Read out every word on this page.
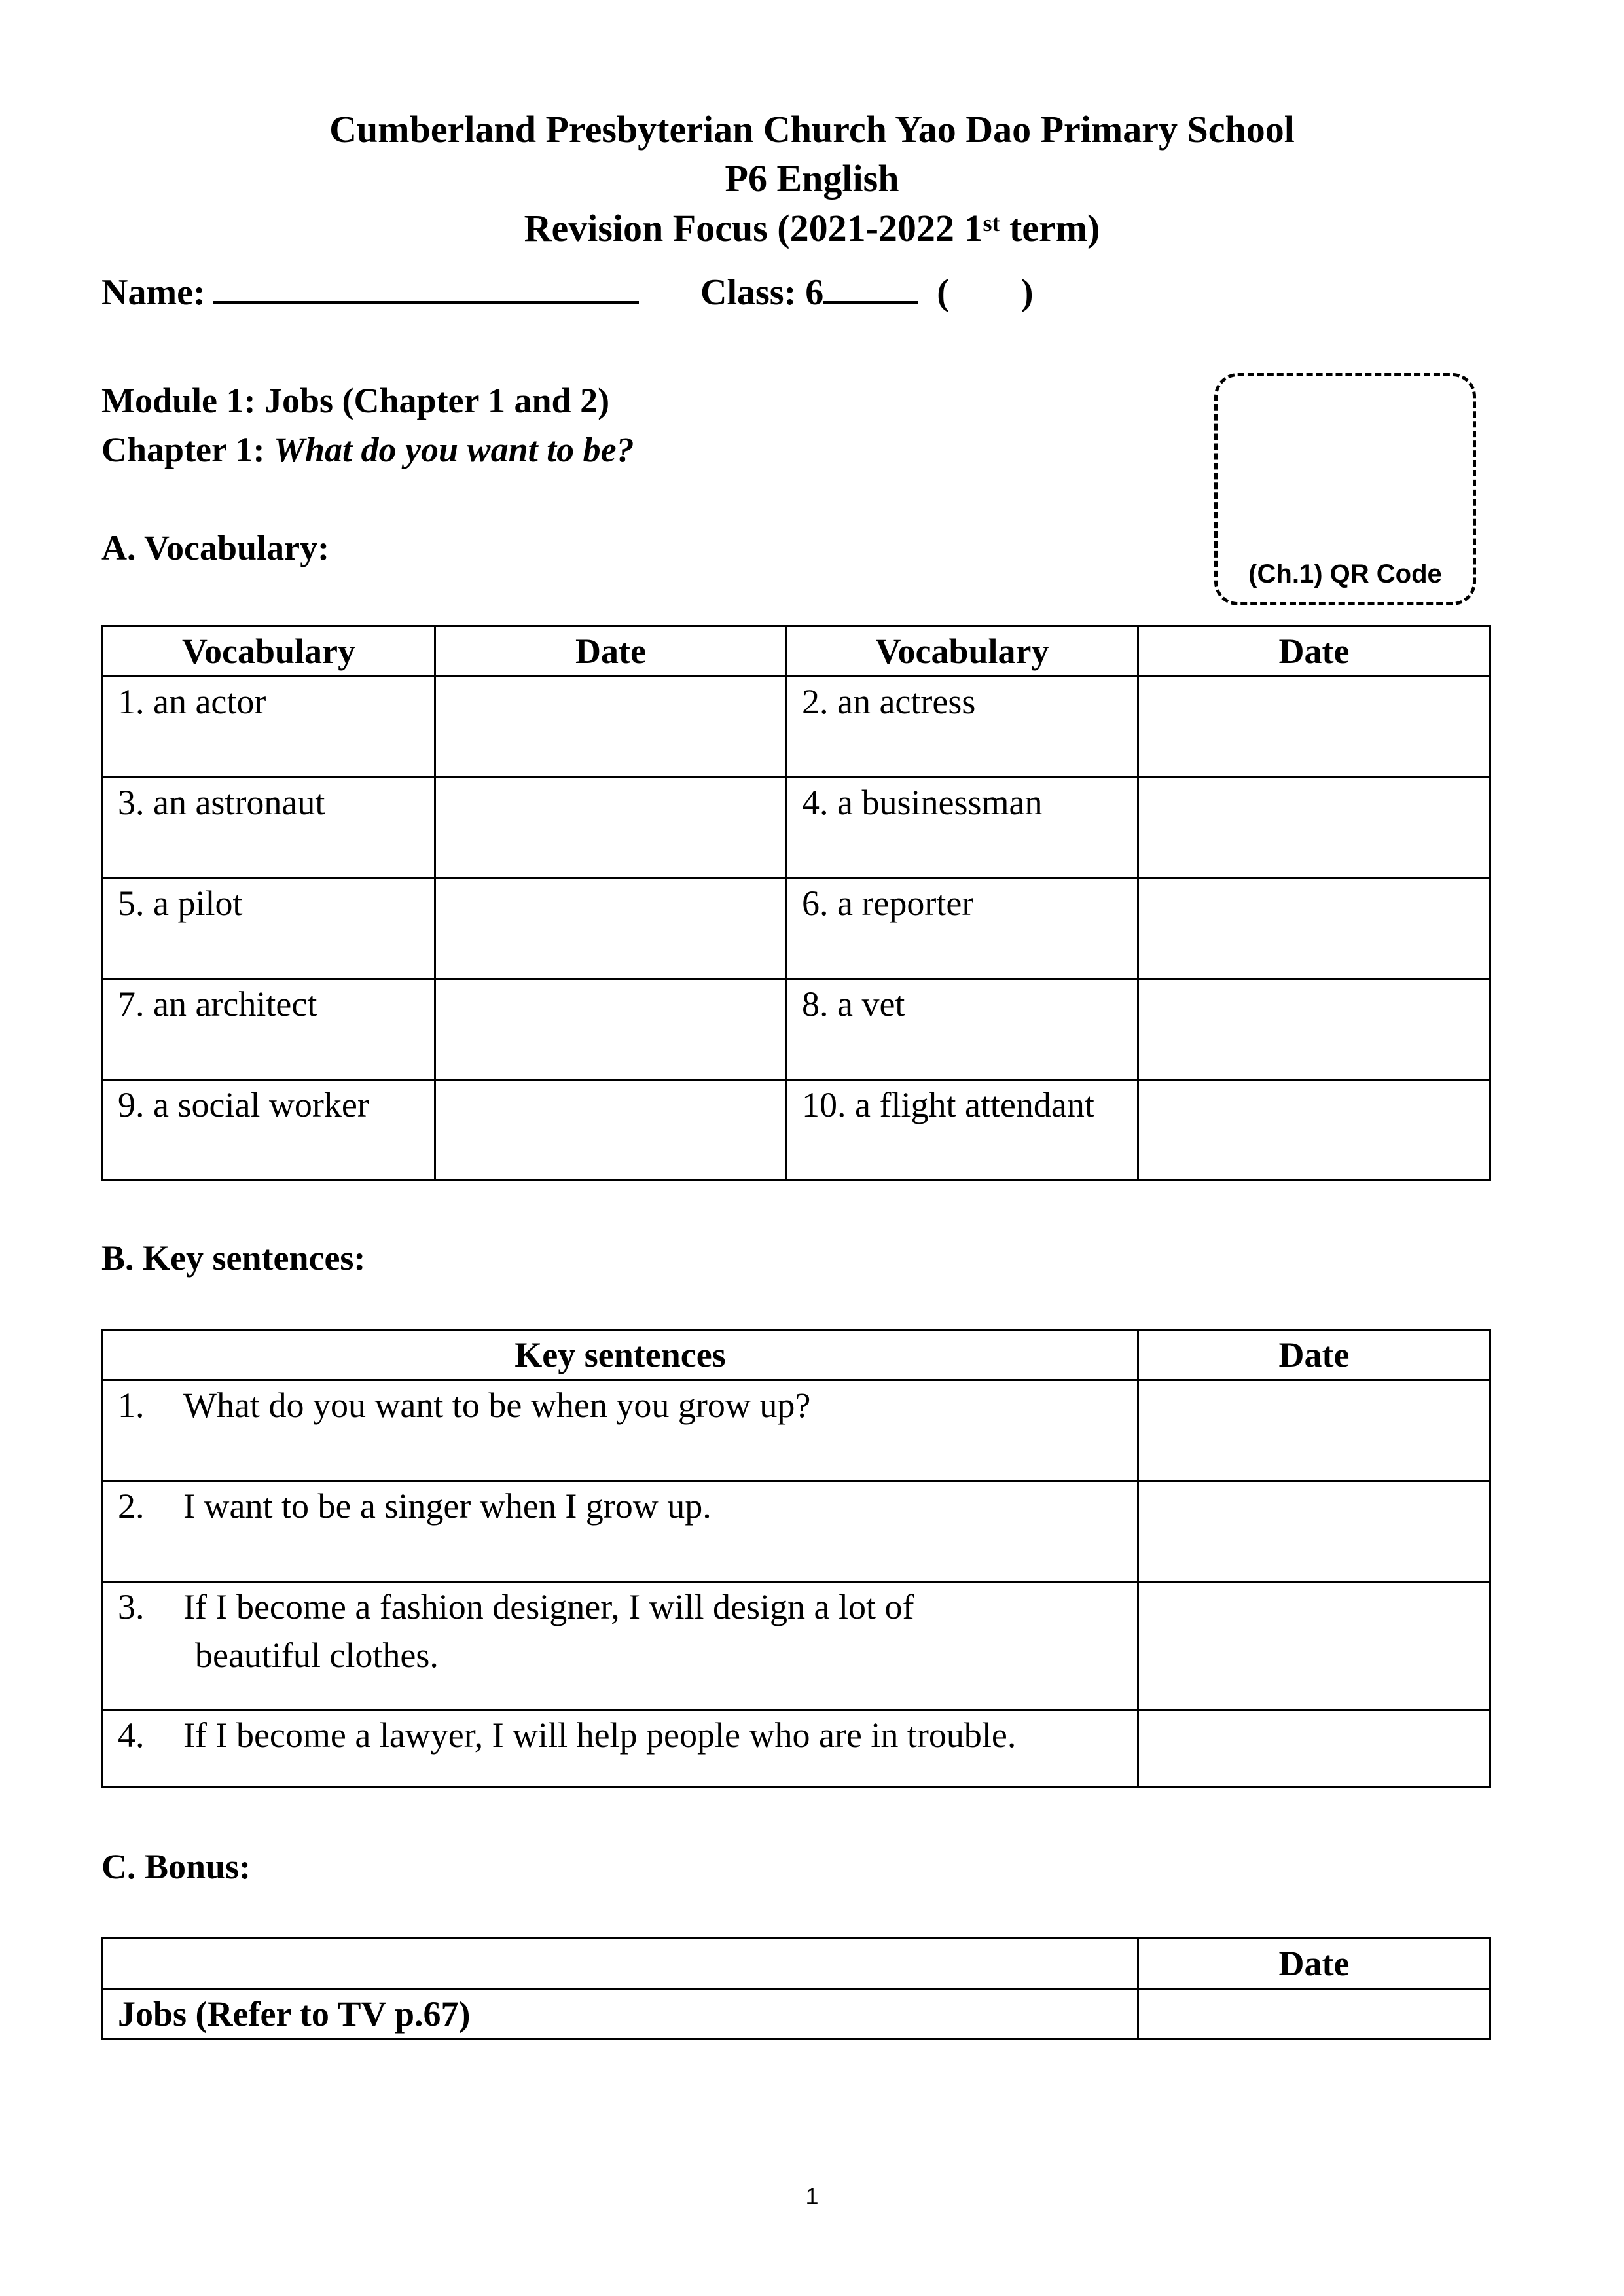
Cumberland Presbyterian Church Yao Dao Primary School
P6 English
Revision Focus (2021-2022 1st term)
Name:	Class: 6	( )
Module 1: Jobs (Chapter 1 and 2)
Chapter 1: What do you want to be?
(Ch.1) QR Code
A. Vocabulary:
Vocabulary	Date	Vocabulary	Date
1. an actor		2. an actress	
3. an astronaut		4. a businessman	
5. a pilot		6. a reporter	
7. an architect		8. a vet	
9. a social worker		10. a flight attendant	
B. Key sentences:
Key sentences	Date
1. What do you want to be when you grow up?	
2. I want to be a singer when I grow up.	
3. If I become a fashion designer, I will design a lot of
beautiful clothes.	

4. If I become a lawyer, I will help people who are in trouble.	
C. Bonus:
	Date
Jobs (Refer to TV p.67)	
1
